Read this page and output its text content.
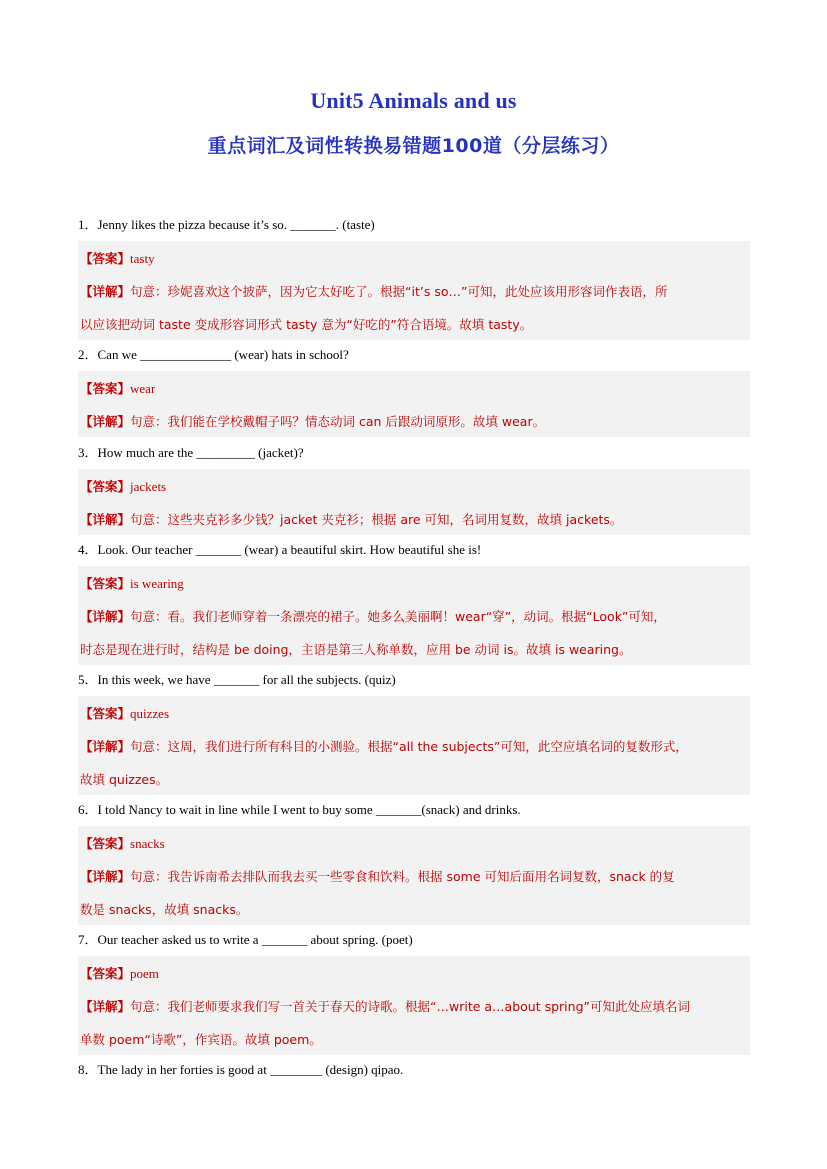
Unit5 Animals and us
重点词汇及词性转换易错题100道（分层练习）
1．Jenny likes the pizza because it’s so. _______. (taste)
【答案】tasty
【详解】句意：珍妮喜欢这个披萨，因为它太好吃了。根据“it’s so…”可知，此处应该用形容词作表语，所
以应该把动词 taste 变成形容词形式 tasty 意为“好吃的”符合语境。故填 tasty。
2．Can we ______________ (wear) hats in school?
【答案】wear
【详解】句意：我们能在学校戴帽子吗？情态动词 can 后跟动词原形。故填 wear。
3．How much are the _________ (jacket)?
【答案】jackets
【详解】句意：这些夹克衫多少钱？jacket 夹克衫；根据 are 可知，名词用复数，故填 jackets。
4．Look. Our teacher _______ (wear) a beautiful skirt. How beautiful she is!
【答案】is wearing
【详解】句意：看。我们老师穿着一条漂亮的裙子。她多么美丽啊！wear“穿”，动词。根据“Look”可知，
时态是现在进行时，结构是 be doing，主语是第三人称单数，应用 be 动词 is。故填 is wearing。
5．In this week, we have _______ for all the subjects. (quiz)
【答案】quizzes
【详解】句意：这周，我们进行所有科目的小测验。根据“all the subjects”可知，此空应填名词的复数形式，
故填 quizzes。
6．I told Nancy to wait in line while I went to buy some _______(snack) and drinks.
【答案】snacks
【详解】句意：我告诉南希去排队而我去买一些零食和饮料。根据 some 可知后面用名词复数，snack 的复
数是 snacks，故填 snacks。
7．Our teacher asked us to write a _______ about spring. (poet)
【答案】poem
【详解】句意：我们老师要求我们写一首关于春天的诗歌。根据“…write a…about spring”可知此处应填名词
单数 poem“诗歌”，作宾语。故填 poem。
8．The lady in her forties is good at ________ (design) qipao.
